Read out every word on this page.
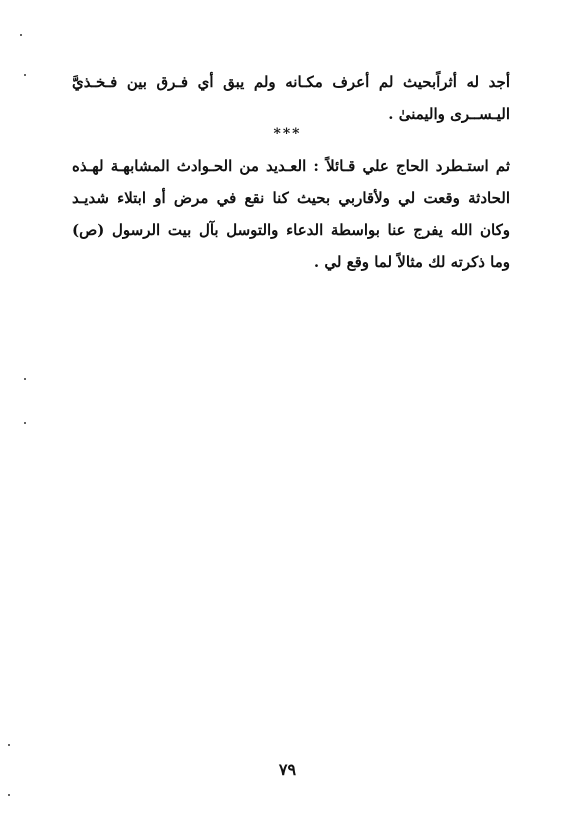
أجد له أثراًبحيث لم أعرف مكـانه ولم يبق أي فـرق بين فـخـذيَّ اليـســرى واليمنىٰ .

***

ثم استـطرد الحاج علي قـائلاً : العـديد من الحـوادث المشابهـة لهـذه الحادثة وقعت لي ولأقاربي بحيث كنا نقع في مرض أو ابتلاء شديـد وكان الله يفرج عنا بواسطة الدعاء والتوسل بآل بيت الرسول (ص) وما ذكرته لك مثالاً لما وقع لي .

٧٩
